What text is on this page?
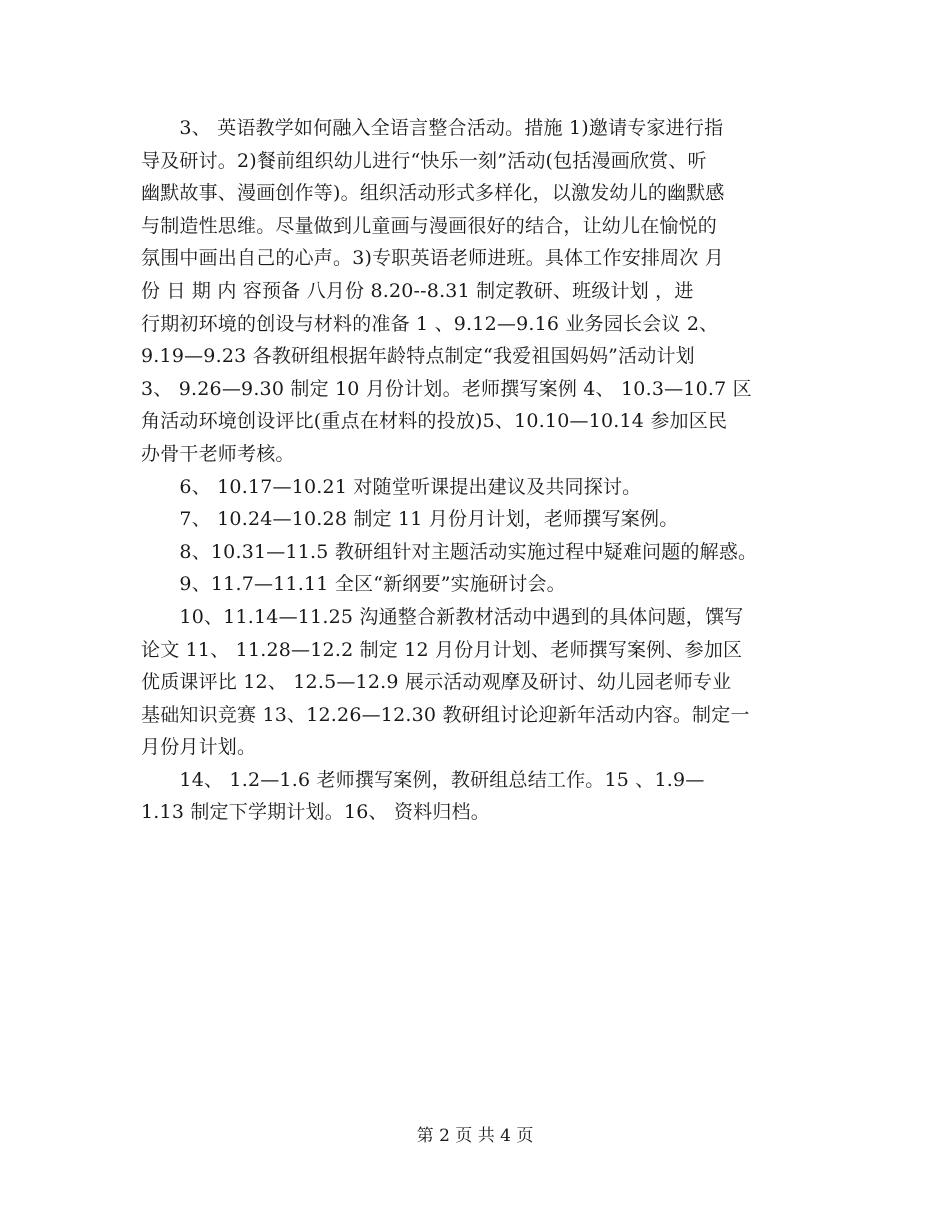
　　3、 英语教学如何融入全语言整合活动。措施 1)邀请专家进行指
导及研讨。2)餐前组织幼儿进行“快乐一刻”活动(包括漫画欣赏、听
幽默故事、漫画创作等)。组织活动形式多样化，以激发幼儿的幽默感
与制造性思维。尽量做到儿童画与漫画很好的结合，让幼儿在愉悦的
氛围中画出自己的心声。3)专职英语老师进班。具体工作安排周次 月
份 日 期 内 容预备 八月份 8.20--8.31 制定教研、班级计划 ，进
行期初环境的创设与材料的准备 1 、9.12—9.16 业务园长会议 2、
9.19—9.23 各教研组根据年龄特点制定“我爱祖国妈妈”活动计划
3、 9.26—9.30 制定 10 月份计划。老师撰写案例 4、 10.3—10.7 区
角活动环境创设评比(重点在材料的投放)5、10.10—10.14 参加区民
办骨干老师考核。
　　6、 10.17—10.21 对随堂听课提出建议及共同探讨。
　　7、 10.24—10.28 制定 11 月份月计划，老师撰写案例。
　　8、10.31—11.5 教研组针对主题活动实施过程中疑难问题的解惑。
　　9、11.7—11.11 全区“新纲要”实施研讨会。
　　10、11.14—11.25 沟通整合新教材活动中遇到的具体问题，馔写
论文 11、 11.28—12.2 制定 12 月份月计划、老师撰写案例、参加区
优质课评比 12、 12.5—12.9 展示活动观摩及研讨、幼儿园老师专业
基础知识竞赛 13、12.26—12.30 教研组讨论迎新年活动内容。制定一
月份月计划。
　　14、 1.2—1.6 老师撰写案例，教研组总结工作。15 、1.9—
1.13 制定下学期计划。16、 资料归档。
第 2 页 共 4 页
